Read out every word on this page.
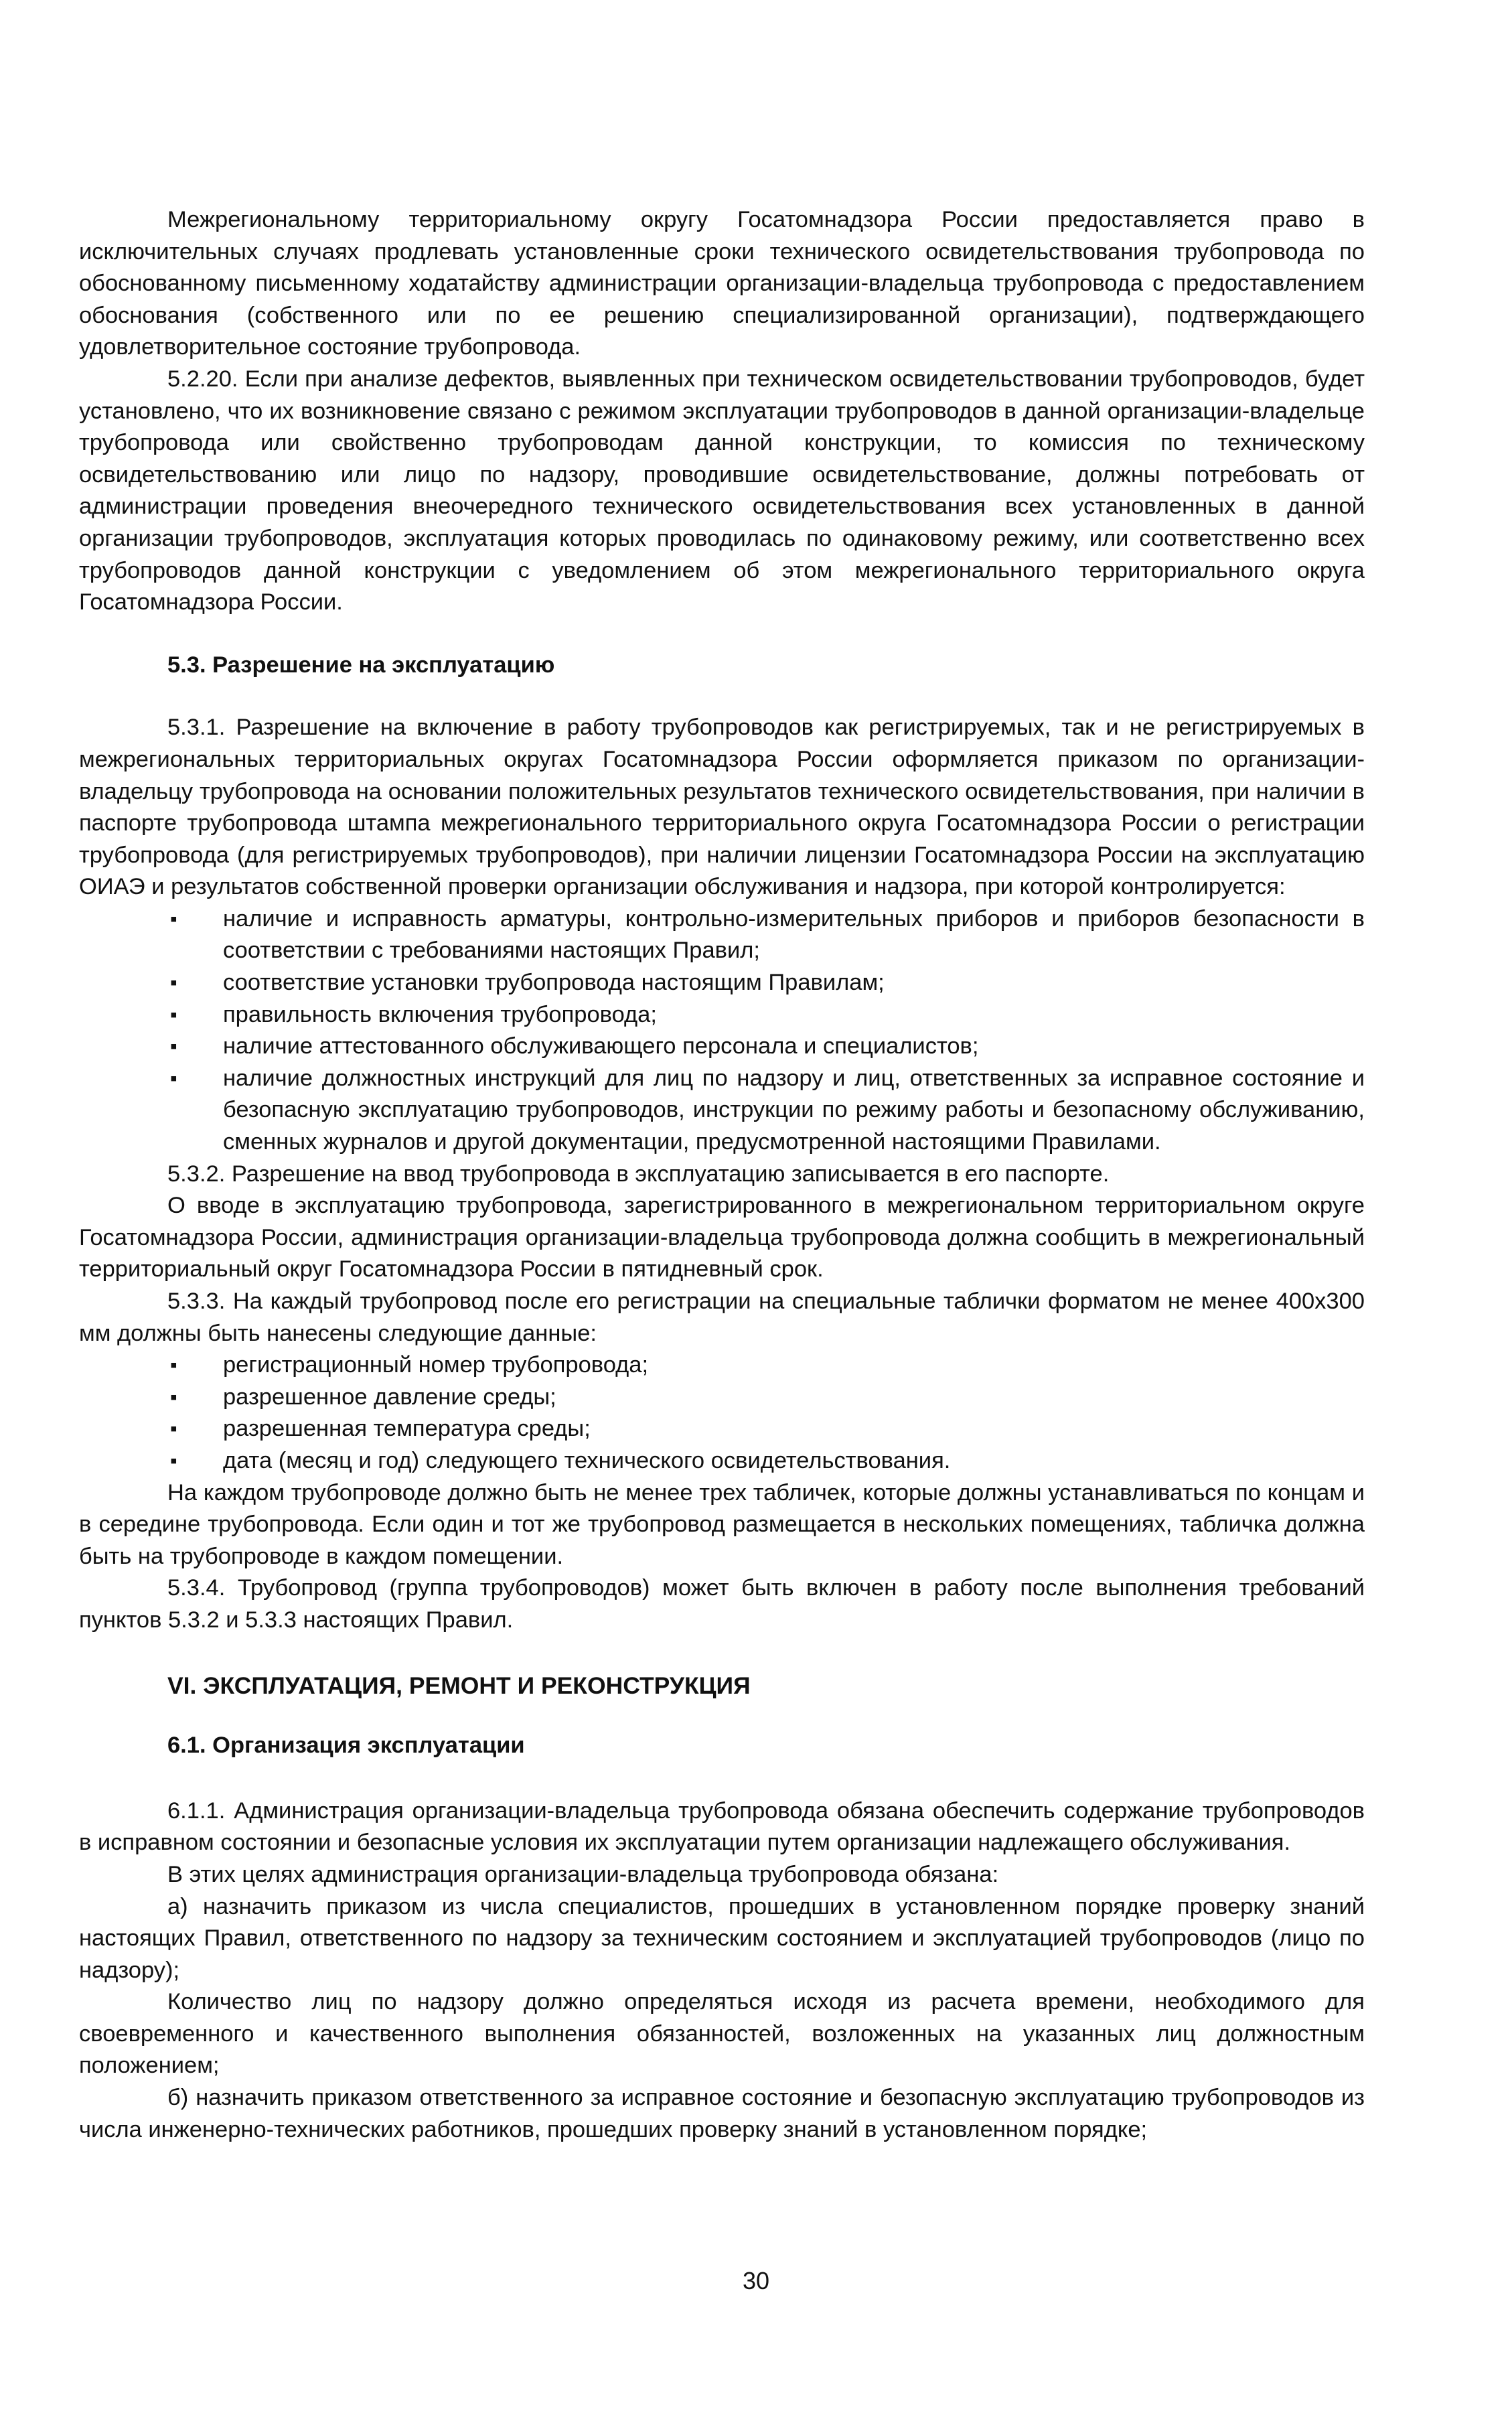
Межрегиональному территориальному округу Госатомнадзора России предоставляется право в исключительных случаях продлевать установленные сроки технического освидетельствования трубопровода по обоснованному письменному ходатайству администрации организации-владельца трубопровода с предоставлением обоснования (собственного или по ее решению специализированной организации), подтверждающего удовлетворительное состояние трубопровода.

5.2.20. Если при анализе дефектов, выявленных при техническом освидетельствовании трубопроводов, будет установлено, что их возникновение связано с режимом эксплуатации трубопроводов в данной организации-владельце трубопровода или свойственно трубопроводам данной конструкции, то комиссия по техническому освидетельствованию или лицо по надзору, проводившие освидетельствование, должны потребовать от администрации проведения внеочередного технического освидетельствования всех установленных в данной организации трубопроводов, эксплуатация которых проводилась по одинаковому режиму, или соответственно всех трубопроводов данной конструкции с уведомлением об этом межрегионального территориального округа Госатомнадзора России.

5.3. Разрешение на эксплуатацию

5.3.1. Разрешение на включение в работу трубопроводов как регистрируемых, так и не регистрируемых в межрегиональных территориальных округах Госатомнадзора России оформляется приказом по организации-владельцу трубопровода на основании положительных результатов технического освидетельствования, при наличии в паспорте трубопровода штампа межрегионального территориального округа Госатомнадзора России о регистрации трубопровода (для регистрируемых трубопроводов), при наличии лицензии Госатомнадзора России на эксплуатацию ОИАЭ и результатов собственной проверки организации обслуживания и надзора, при которой контролируется:

▪ наличие и исправность арматуры, контрольно-измерительных приборов и приборов безопасности в соответствии с требованиями настоящих Правил;
▪ соответствие установки трубопровода настоящим Правилам;
▪ правильность включения трубопровода;
▪ наличие аттестованного обслуживающего персонала и специалистов;
▪ наличие должностных инструкций для лиц по надзору и лиц, ответственных за исправное состояние и безопасную эксплуатацию трубопроводов, инструкции по режиму работы и безопасному обслуживанию, сменных журналов и другой документации, предусмотренной настоящими Правилами.

5.3.2. Разрешение на ввод трубопровода в эксплуатацию записывается в его паспорте.

О вводе в эксплуатацию трубопровода, зарегистрированного в межрегиональном территориальном округе Госатомнадзора России, администрация организации-владельца трубопровода должна сообщить в межрегиональный территориальный округ Госатомнадзора России в пятидневный срок.

5.3.3. На каждый трубопровод после его регистрации на специальные таблички форматом не менее 400х300 мм должны быть нанесены следующие данные:

▪ регистрационный номер трубопровода;
▪ разрешенное давление среды;
▪ разрешенная температура среды;
▪ дата (месяц и год) следующего технического освидетельствования.

На каждом трубопроводе должно быть не менее трех табличек, которые должны устанавливаться по концам и в середине трубопровода. Если один и тот же трубопровод размещается в нескольких помещениях, табличка должна быть на трубопроводе в каждом помещении.

5.3.4. Трубопровод (группа трубопроводов) может быть включен в работу после выполнения требований пунктов 5.3.2 и 5.3.3 настоящих Правил.

VI. ЭКСПЛУАТАЦИЯ, РЕМОНТ И РЕКОНСТРУКЦИЯ

6.1. Организация эксплуатации

6.1.1. Администрация организации-владельца трубопровода обязана обеспечить содержание трубопроводов в исправном состоянии и безопасные условия их эксплуатации путем организации надлежащего обслуживания.

В этих целях администрация организации-владельца трубопровода обязана:

а) назначить приказом из числа специалистов, прошедших в установленном порядке проверку знаний настоящих Правил, ответственного по надзору за техническим состоянием и эксплуатацией трубопроводов (лицо по надзору);

Количество лиц по надзору должно определяться исходя из расчета времени, необходимого для своевременного и качественного выполнения обязанностей, возложенных на указанных лиц должностным положением;

б) назначить приказом ответственного за исправное состояние и безопасную эксплуатацию трубопроводов из числа инженерно-технических работников, прошедших проверку знаний в установленном порядке;

30
